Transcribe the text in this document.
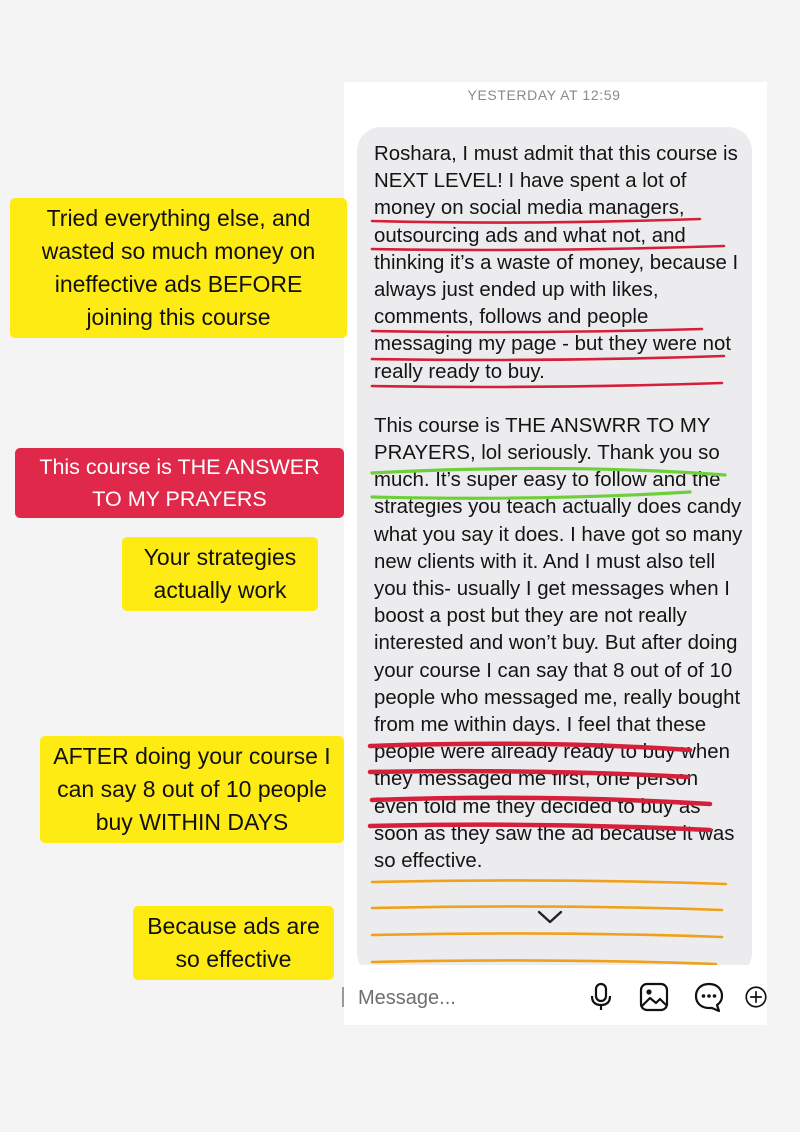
YESTERDAY AT 12:59

Roshara, I must admit that this course is NEXT LEVEL! I have spent a lot of money on social media managers, outsourcing ads and what not, and thinking it’s a waste of money, because I always just ended up with likes, comments, follows and people messaging my page - but they were not really ready to buy.

This course is THE ANSWRR TO MY PRAYERS, lol seriously. Thank you so much. It’s super easy to follow and the strategies you teach actually does candy what you say it does. I have got so many new clients with it. And I must also tell you this- usually I get messages when I boost a post but they are not really interested and won’t buy. But after doing your course I can say that 8 out of of 10 people who messaged me, really bought from me within days. I feel that these people were already ready to buy when they messaged me first, one person even told me they decided to buy as soon as they saw the ad because it was so effective.

Message...
Tried everything else, and wasted so much money on ineffective ads BEFORE joining this course
This course is THE ANSWER TO MY PRAYERS
Your strategies actually work
AFTER doing your course I can say 8 out of 10 people buy WITHIN DAYS
Because ads are so effective
